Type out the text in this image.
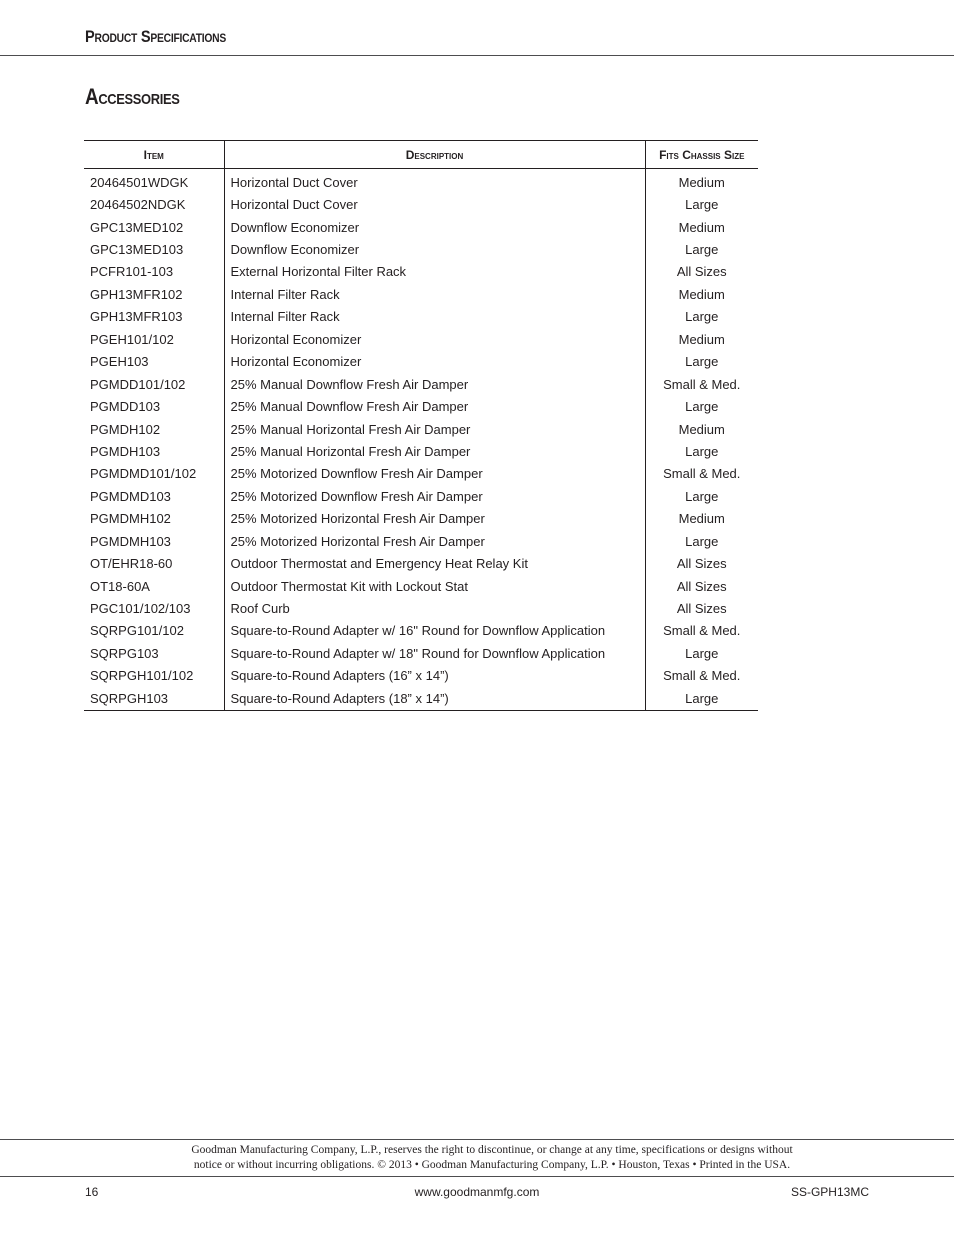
Product Specifications
Accessories
Item	Description	Fits Chassis Size
20464501WDGK	Horizontal Duct Cover	Medium
20464502NDGK	Horizontal Duct Cover	Large
GPC13MED102	Downflow Economizer	Medium
GPC13MED103	Downflow Economizer	Large
PCFR101-103	External Horizontal Filter Rack	All Sizes
GPH13MFR102	Internal Filter Rack	Medium
GPH13MFR103	Internal Filter Rack	Large
PGEH101/102	Horizontal Economizer	Medium
PGEH103	Horizontal Economizer	Large
PGMDD101/102	25% Manual Downflow Fresh Air Damper	Small & Med.
PGMDD103	25% Manual Downflow Fresh Air Damper	Large
PGMDH102	25% Manual Horizontal Fresh Air Damper	Medium
PGMDH103	25% Manual Horizontal Fresh Air Damper	Large
PGMDMD101/102	25% Motorized Downflow Fresh Air Damper	Small & Med.
PGMDMD103	25% Motorized Downflow Fresh Air Damper	Large
PGMDMH102	25% Motorized Horizontal Fresh Air Damper	Medium
PGMDMH103	25% Motorized Horizontal Fresh Air Damper	Large
OT/EHR18-60	Outdoor Thermostat and Emergency Heat Relay Kit	All Sizes
OT18-60A	Outdoor Thermostat Kit with Lockout Stat	All Sizes
PGC101/102/103	Roof Curb	All Sizes
SQRPG101/102	Square-to-Round Adapter w/ 16" Round for Downflow Application	Small & Med.
SQRPG103	Square-to-Round Adapter w/ 18" Round for Downflow Application	Large
SQRPGH101/102	Square-to-Round Adapters (16” x 14”)	Small & Med.
SQRPGH103	Square-to-Round Adapters (18” x 14”)	Large
Goodman Manufacturing Company, L.P., reserves the right to discontinue, or change at any time, specifications or designs without
notice or without incurring obligations. © 2013 • Goodman Manufacturing Company, L.P. • Houston, Texas • Printed in the USA.
16	www.goodmanmfg.com	SS-GPH13MC
